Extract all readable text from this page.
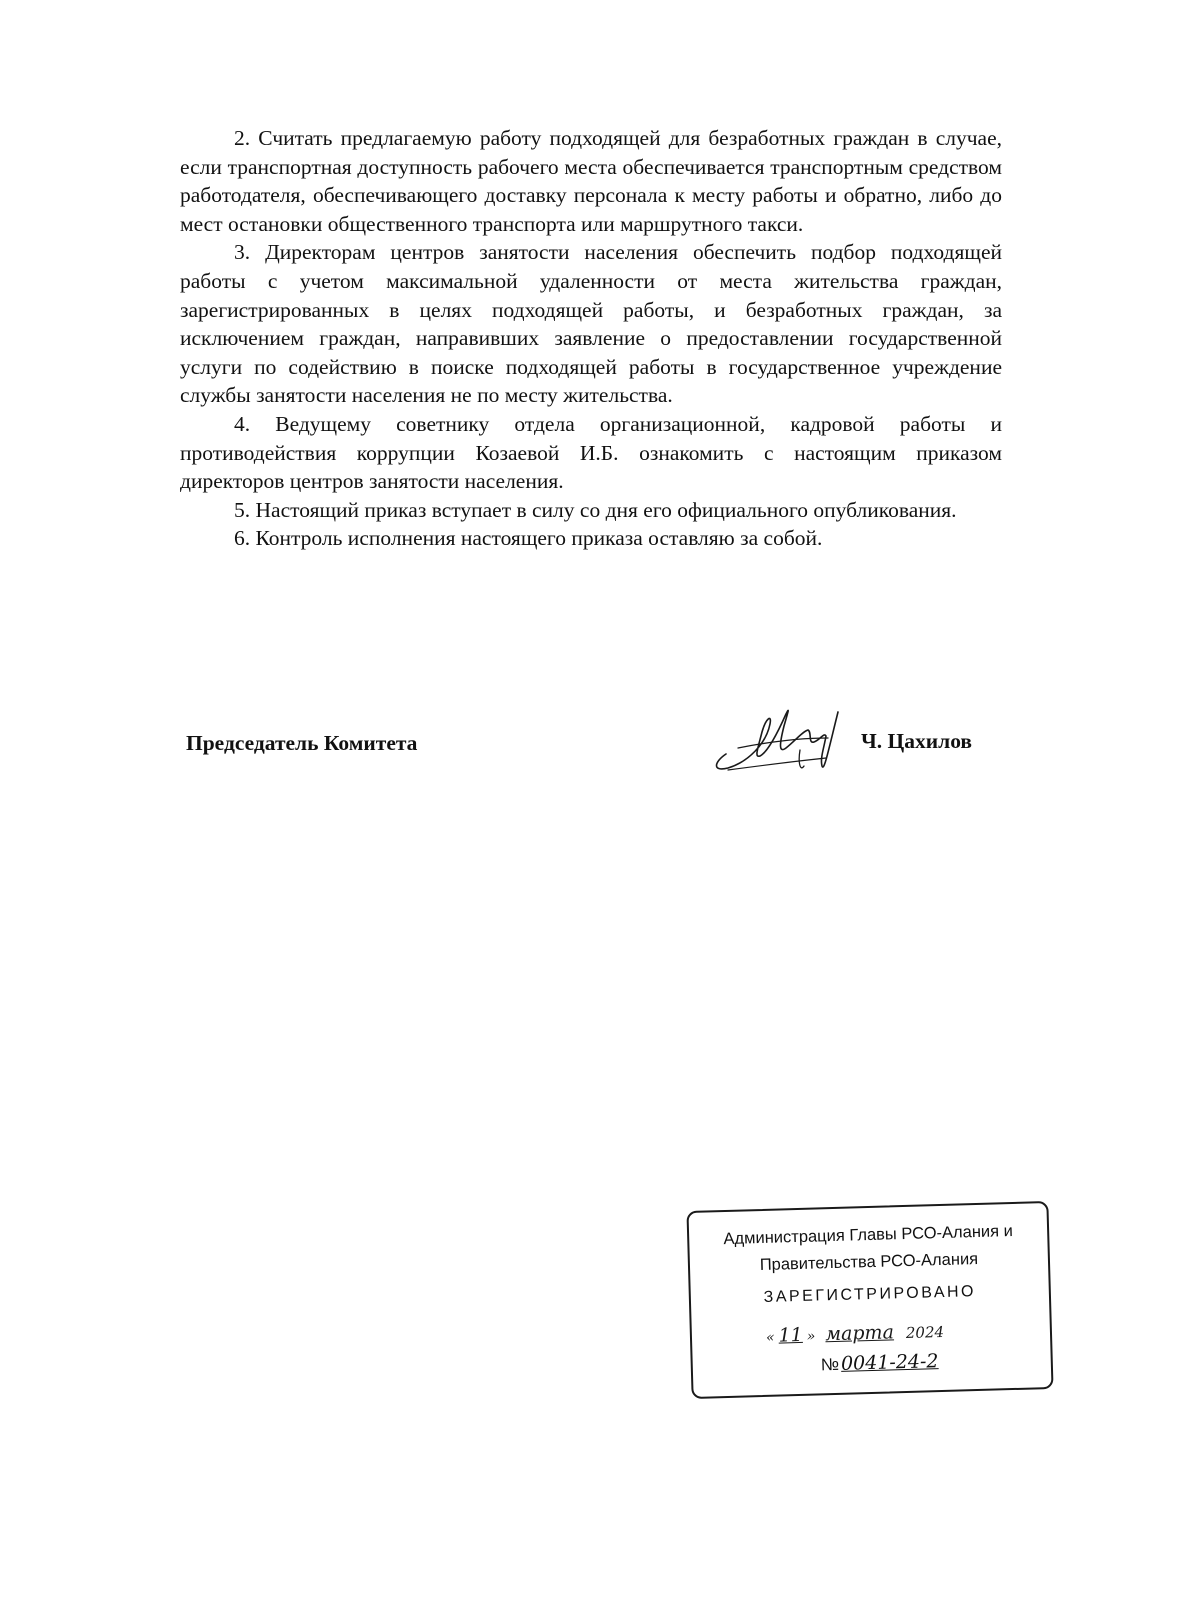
2. Считать предлагаемую работу подходящей для безработных граждан в случае, если транспортная доступность рабочего места обеспечивается транспортным средством работодателя, обеспечивающего доставку персонала к месту работы и обратно, либо до мест остановки общественного транспорта или маршрутного такси.

3. Директорам центров занятости населения обеспечить подбор подходящей работы с учетом максимальной удаленности от места жительства граждан, зарегистрированных в целях подходящей работы, и безработных граждан, за исключением граждан, направивших заявление о предоставлении государственной услуги по содействию в поиске подходящей работы в государственное учреждение службы занятости населения не по месту жительства.

4. Ведущему советнику отдела организационной, кадровой работы и противодействия коррупции Козаевой И.Б. ознакомить с настоящим приказом директоров центров занятости населения.

5. Настоящий приказ вступает в силу со дня его официального опубликования.

6. Контроль исполнения настоящего приказа оставляю за собой.

Председатель Комитета	Ч. Цахилов
Администрация Главы РСО-Алания и
Правительства РСО-Алания
ЗАРЕГИСТРИРОВАНО
« 11 » марта 2024
№0041-24-2
